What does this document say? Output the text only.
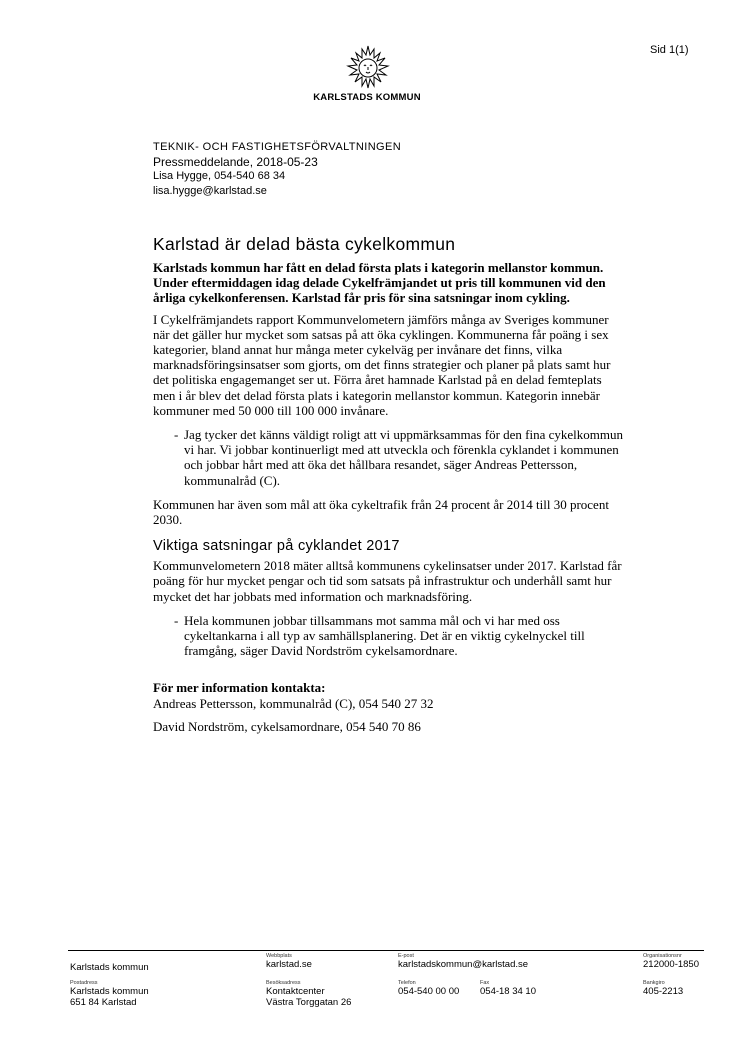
Sid 1(1)
KARLSTADS KOMMUN
TEKNIK- OCH FASTIGHETSFÖRVALTNINGEN
Pressmeddelande, 2018-05-23
Lisa Hygge, 054-540 68 34
lisa.hygge@karlstad.se
Karlstad är delad bästa cykelkommun

Karlstads kommun har fått en delad första plats i kategorin mellanstor kommun. Under eftermiddagen idag delade Cykelfrämjandet ut pris till kommunen vid den årliga cykelkonferensen. Karlstad får pris för sina satsningar inom cykling.

I Cykelfrämjandets rapport Kommunvelometern jämförs många av Sveriges kommuner när det gäller hur mycket som satsas på att öka cyklingen. Kommunerna får poäng i sex kategorier, bland annat hur många meter cykelväg per invånare det finns, vilka marknadsföringsinsatser som gjorts, om det finns strategier och planer på plats samt hur det politiska engagemanget ser ut. Förra året hamnade Karlstad på en delad femteplats men i år blev det delad första plats i kategorin mellanstor kommun. Kategorin innebär kommuner med 50 000 till 100 000 invånare.

- Jag tycker det känns väldigt roligt att vi uppmärksammas för den fina cykelkommun vi har. Vi jobbar kontinuerligt med att utveckla och förenkla cyklandet i kommunen och jobbar hårt med att öka det hållbara resandet, säger Andreas Pettersson, kommunalråd (C).

Kommunen har även som mål att öka cykeltrafik från 24 procent år 2014 till 30 procent 2030.

Viktiga satsningar på cyklandet 2017

Kommunvelometern 2018 mäter alltså kommunens cykelinsatser under 2017. Karlstad får poäng för hur mycket pengar och tid som satsats på infrastruktur och underhåll samt hur mycket det har jobbats med information och marknadsföring.

- Hela kommunen jobbar tillsammans mot samma mål och vi har med oss cykeltankarna i all typ av samhällsplanering. Det är en viktig cykelnyckel till framgång, säger David Nordström cykelsamordnare.
För mer information kontakta:
Andreas Pettersson, kommunalråd (C), 054 540 27 32
David Nordström, cykelsamordnare, 054 540 70 86
Karlstads kommun
Webbplats
karlstad.se
E-post
karlstadskommun@karlstad.se
Organisationsnr
212000-1850
Postadress
Karlstads kommun
651 84 Karlstad
Besöksadress
Kontaktcenter
Västra Torggatan 26
Telefon
054-540 00 00
Fax
054-18 34 10
Bankgiro
405-2213
